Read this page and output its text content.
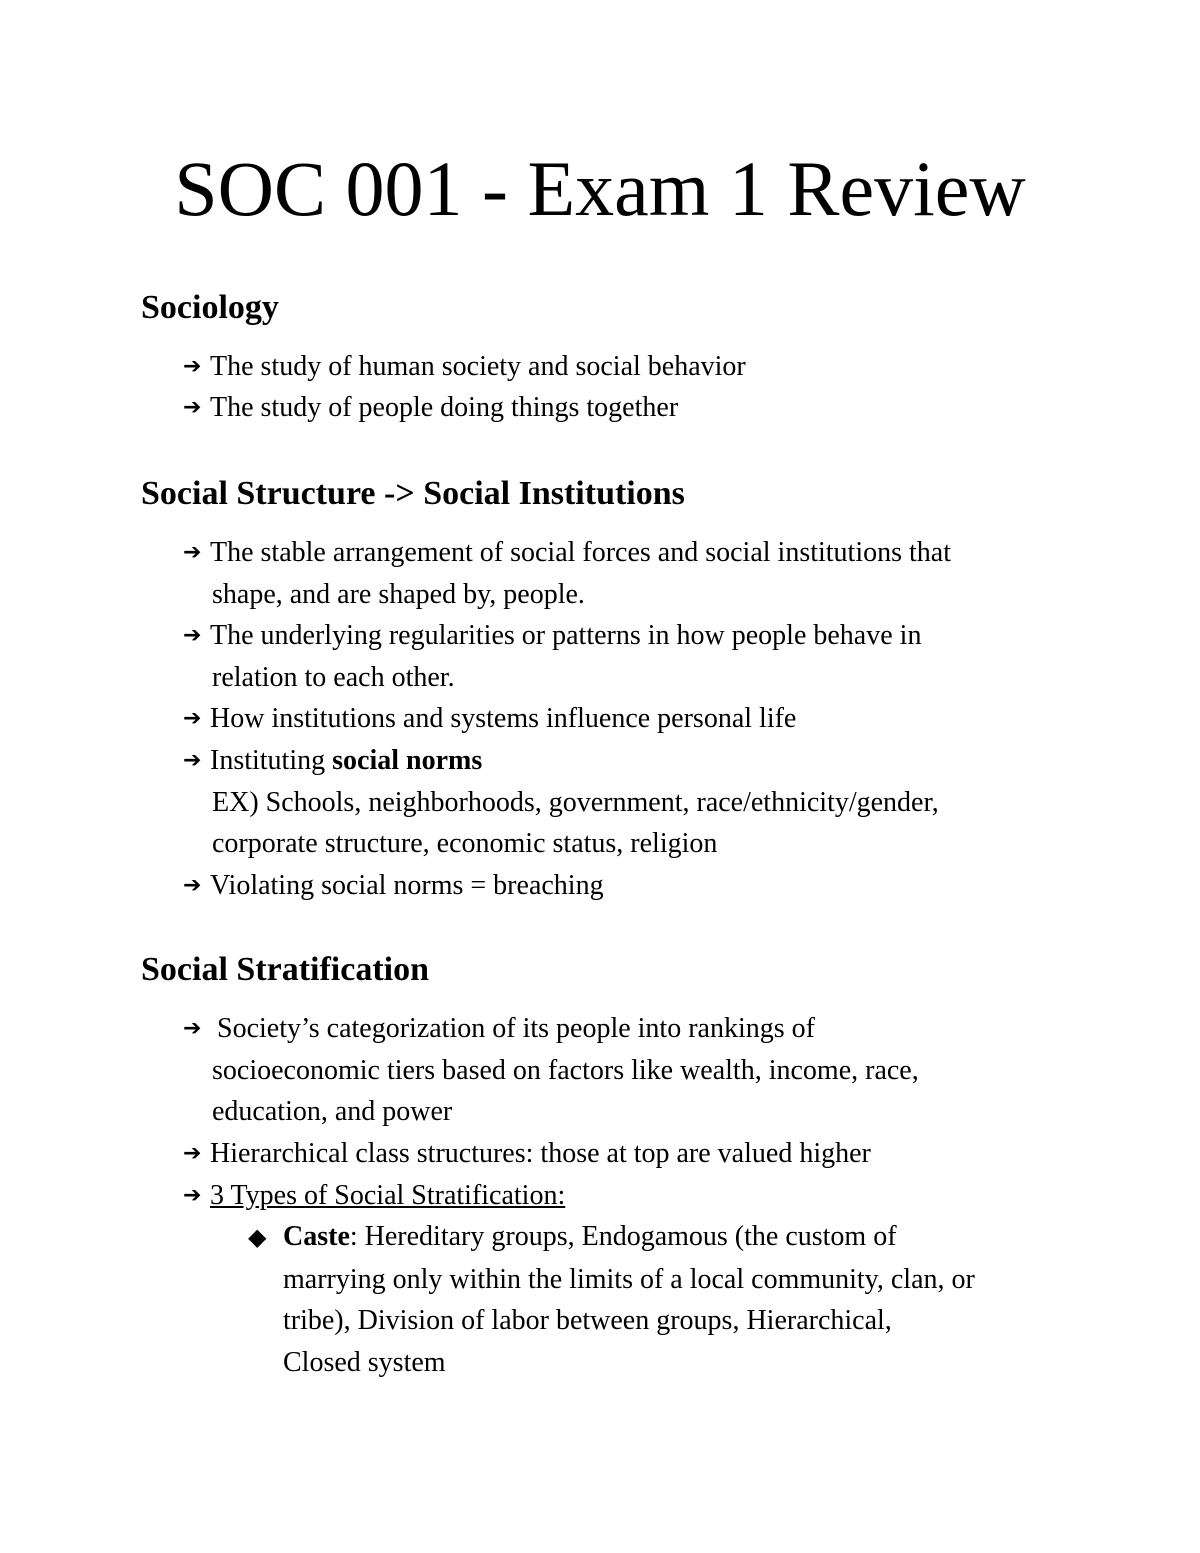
SOC 001 - Exam 1 Review
Sociology
➔ The study of human society and social behavior
➔ The study of people doing things together
Social Structure -> Social Institutions
➔ The stable arrangement of social forces and social institutions that
shape, and are shaped by, people.
➔ The underlying regularities or patterns in how people behave in
relation to each other.
➔ How institutions and systems influence personal life
➔ Instituting social norms
EX) Schools, neighborhoods, government, race/ethnicity/gender,
corporate structure, economic status, religion
➔ Violating social norms = breaching
Social Stratification
➔ Society’s categorization of its people into rankings of
socioeconomic tiers based on factors like wealth, income, race,
education, and power
➔ Hierarchical class structures: those at top are valued higher
➔ 3 Types of Social Stratification:
◆ Caste: Hereditary groups, Endogamous (the custom of
marrying only within the limits of a local community, clan, or
tribe), Division of labor between groups, Hierarchical,
Closed system
